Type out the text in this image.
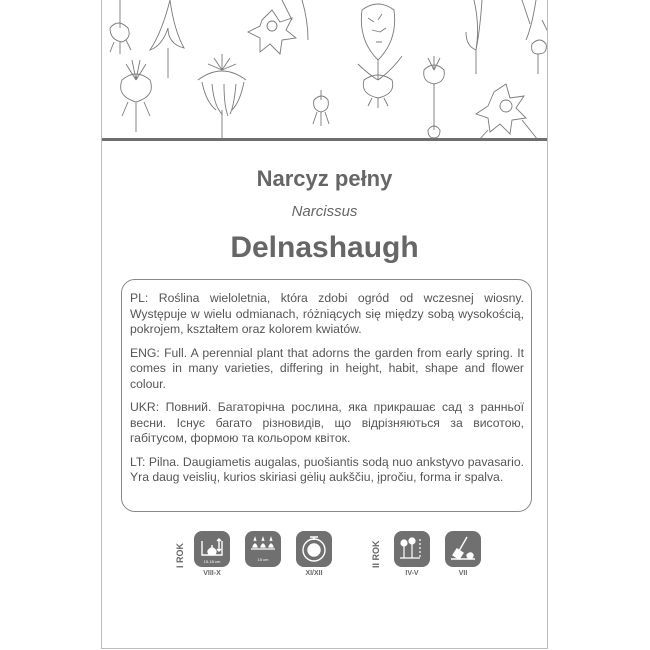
Narcyz pełny
Narcissus
Delnashaugh

PL: Roślina wieloletnia, która zdobi ogród od wczesnej wiosny. Występuje w wielu odmianach, różniących się między sobą wysokością, pokrojem, kształtem oraz kolorem kwiatów.

ENG: Full. A perennial plant that adorns the garden from early spring. It comes in many varieties, differing in height, habit, shape and flower colour.

UKR: Повний. Багаторічна рослина, яка прикрашає сад з ранньої весни. Існує багато різновидів, що відрізняються за висотою, габітусом, формою та кольором квіток.

LT: Pilna. Daugiametis augalas, puošiantis sodą nuo ankstyvo pavasario. Yra daug veislių, kurios skiriasi gėlių aukščiu, įpročiu, forma ir spalva.

I ROK	15-18 cm
VIII-X
15 cm
XI/XII
II ROK
IV-V	VII
